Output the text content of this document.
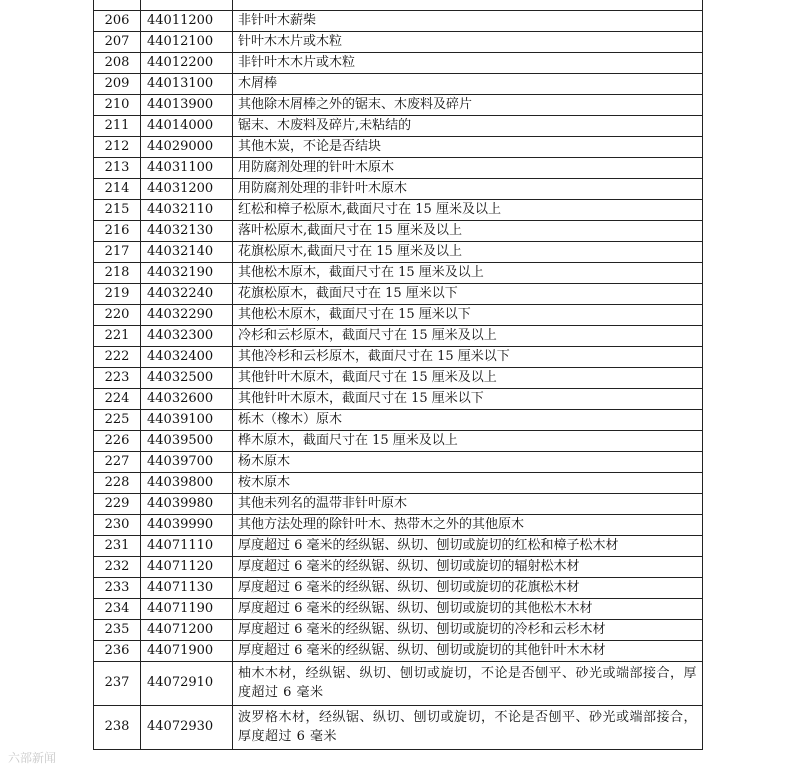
206	44011200	非针叶木薪柴
207	44012100	针叶木木片或木粒
208	44012200	非针叶木木片或木粒
209	44013100	木屑棒
210	44013900	其他除木屑棒之外的锯末、木废料及碎片
211	44014000	锯末、木废料及碎片,未粘结的
212	44029000	其他木炭，不论是否结块
213	44031100	用防腐剂处理的针叶木原木
214	44031200	用防腐剂处理的非针叶木原木
215	44032110	红松和樟子松原木,截面尺寸在 15 厘米及以上
216	44032130	落叶松原木,截面尺寸在 15 厘米及以上
217	44032140	花旗松原木,截面尺寸在 15 厘米及以上
218	44032190	其他松木原木，截面尺寸在 15 厘米及以上
219	44032240	花旗松原木，截面尺寸在 15 厘米以下
220	44032290	其他松木原木，截面尺寸在 15 厘米以下
221	44032300	冷杉和云杉原木，截面尺寸在 15 厘米及以上
222	44032400	其他冷杉和云杉原木，截面尺寸在 15 厘米以下
223	44032500	其他针叶木原木，截面尺寸在 15 厘米及以上
224	44032600	其他针叶木原木，截面尺寸在 15 厘米以下
225	44039100	栎木（橡木）原木
226	44039500	桦木原木，截面尺寸在 15 厘米及以上
227	44039700	杨木原木
228	44039800	桉木原木
229	44039980	其他未列名的温带非针叶原木
230	44039990	其他方法处理的除针叶木、热带木之外的其他原木
231	44071110	厚度超过 6 毫米的经纵锯、纵切、刨切或旋切的红松和樟子松木材
232	44071120	厚度超过 6 毫米的经纵锯、纵切、刨切或旋切的辐射松木材
233	44071130	厚度超过 6 毫米的经纵锯、纵切、刨切或旋切的花旗松木材
234	44071190	厚度超过 6 毫米的经纵锯、纵切、刨切或旋切的其他松木木材
235	44071200	厚度超过 6 毫米的经纵锯、纵切、刨切或旋切的冷杉和云杉木材
236	44071900	厚度超过 6 毫米的经纵锯、纵切、刨切或旋切的其他针叶木木材
237	44072910	柚木木材，经纵锯、纵切、刨切或旋切，不论是否刨平、砂光或端部接合，厚度超过 6 毫米
238	44072930	波罗格木材，经纵锯、纵切、刨切或旋切，不论是否刨平、砂光或端部接合，厚度超过 6 毫米
六部新闻
